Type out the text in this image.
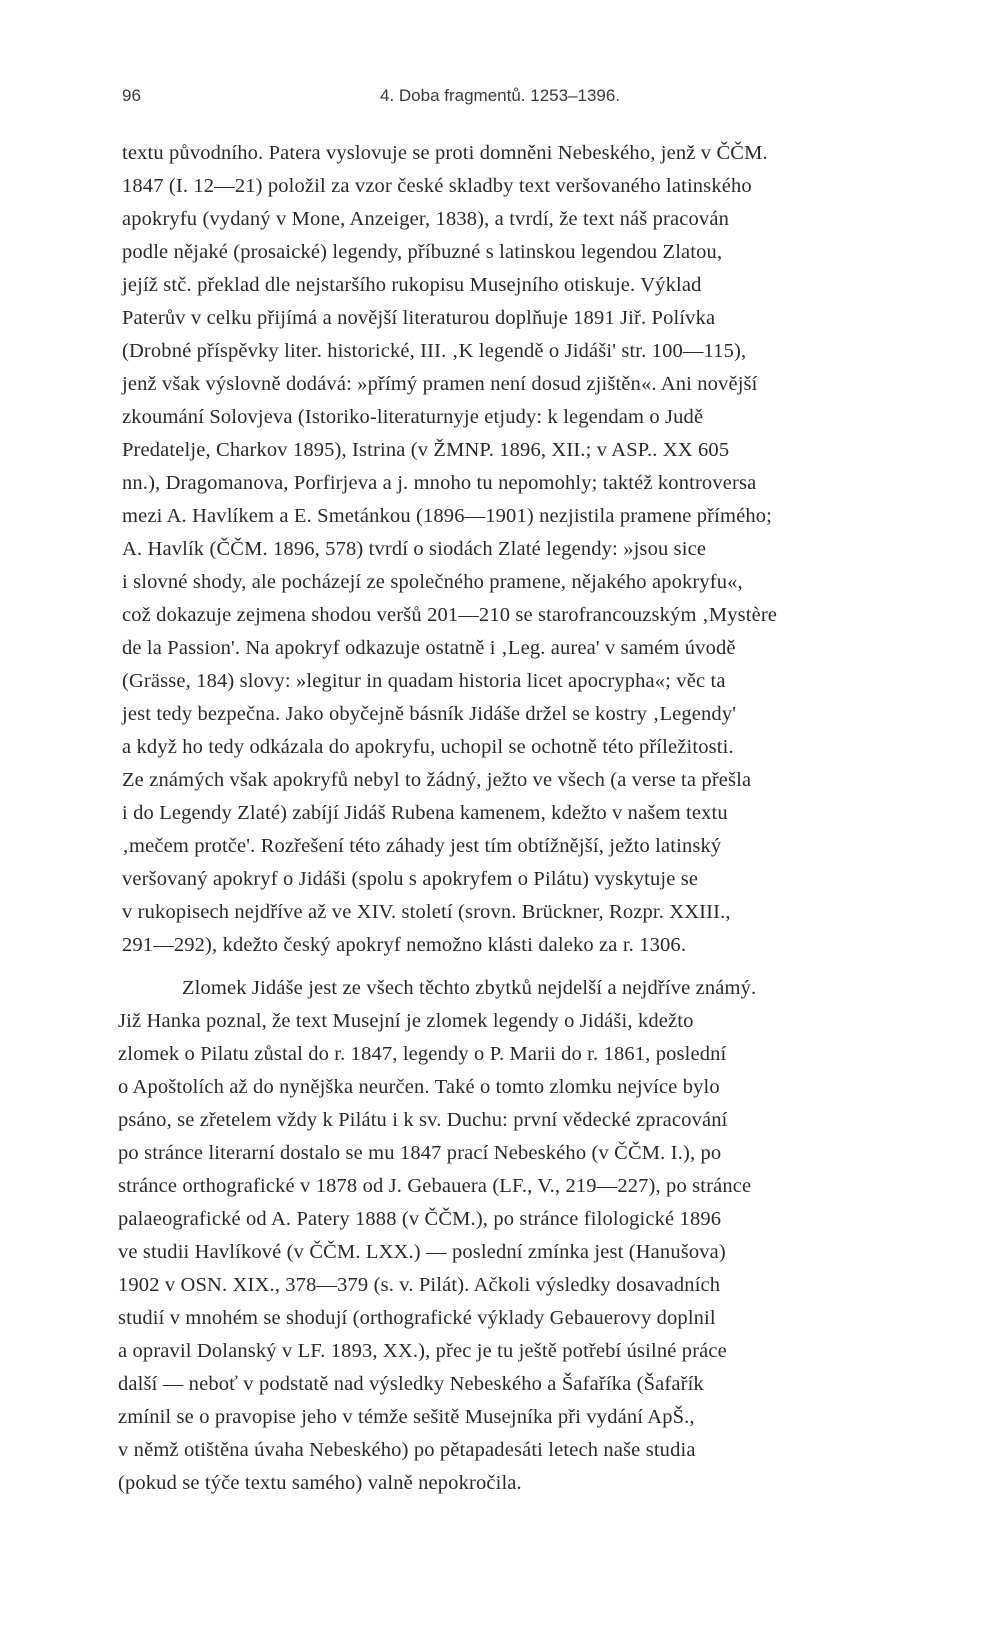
96	4. Doba fragmentů. 1253–1396.
textu původního. Patera vyslovuje se proti domněni Nebeského, jenž v ČČM.
1847 (I. 12—21) položil za vzor české skladby text veršovaného latinského
apokryfu (vydaný v Mone, Anzeiger, 1838), a tvrdí, že text náš pracován
podle nějaké (prosaické) legendy, příbuzné s latinskou legendou Zlatou,
jejíž stč. překlad dle nejstaršího rukopisu Musejního otiskuje. Výklad
Paterův v celku přijímá a novější literaturou doplňuje 1891 Jiř. Polívka
(Drobné příspěvky liter. historické, III. ‚K legendě o Jidáši' str. 100—115),
jenž však výslovně dodává: »přímý pramen není dosud zjištěn«. Ani novější
zkoumání Solovjeva (Istoriko-literaturnyje etjudy: k legendam o Judě
Predatelje, Charkov 1895), Istrina (v ŽMNP. 1896, XII.; v ASP.. XX 605
nn.), Dragomanova, Porfirjeva a j. mnoho tu nepomohly; taktéž kontroversa
mezi A. Havlíkem a E. Smetánkou (1896—1901) nezjistila pramene přímého;
A. Havlík (ČČM. 1896, 578) tvrdí o siodách Zlaté legendy: »jsou sice
i slovné shody, ale pocházejí ze společného pramene, nějakého apokryfu«,
což dokazuje zejmena shodou veršů 201—210 se starofrancouzským ‚Mystère
de la Passion'. Na apokryf odkazuje ostatně i ‚Leg. aurea' v samém úvodě
(Grässe, 184) slovy: »legitur in quadam historia licet apocrypha«; věc ta
jest tedy bezpečna. Jako obyčejně básník Jidáše držel se kostry ‚Legendy'
a když ho tedy odkázala do apokryfu, uchopil se ochotně této příležitosti.
Ze známých však apokryfů nebyl to žádný, ježto ve všech (a verse ta přešla
i do Legendy Zlaté) zabíjí Jidáš Rubena kamenem, kdežto v našem textu
‚mečem protče'. Rozřešení této záhady jest tím obtížnější, ježto latinský
veršovaný apokryf o Jidáši (spolu s apokryfem o Pilátu) vyskytuje se
v rukopisech nejdříve až ve XIV. století (srovn. Brückner, Rozpr. XXIII.,
291—292), kdežto český apokryf nemožno klásti daleko za r. 1306.
Zlomek Jidáše jest ze všech těchto zbytků nejdelší a nejdříve známý.
Již Hanka poznal, že text Musejní je zlomek legendy o Jidáši, kdežto
zlomek o Pilatu zůstal do r. 1847, legendy o P. Marii do r. 1861, poslední
o Apoštolích až do nynějška neurčen. Také o tomto zlomku nejvíce bylo
psáno, se zřetelem vždy k Pilátu i k sv. Duchu: první vědecké zpracování
po stránce literarní dostalo se mu 1847 prací Nebeského (v ČČM. I.), po
stránce orthografické v 1878 od J. Gebauera (LF., V., 219—227), po stránce
palaeografické od A. Patery 1888 (v ČČM.), po stránce filologické 1896
ve studii Havlíkové (v ČČM. LXX.) — poslední zmínka jest (Hanušova)
1902 v OSN. XIX., 378—379 (s. v. Pilát). Ačkoli výsledky dosavadních
studií v mnohém se shodují (orthografické výklady Gebauerovy doplnil
a opravil Dolanský v LF. 1893, XX.), přec je tu ještě potřebí úsilné práce
další — neboť v podstatě nad výsledky Nebeského a Šafaříka (Šafařík
zmínil se o pravopise jeho v témže sešitě Musejníka při vydání ApŠ.,
v němž otištěna úvaha Nebeského) po pětapadesáti letech naše studia
(pokud se týče textu samého) valně nepokročila.
